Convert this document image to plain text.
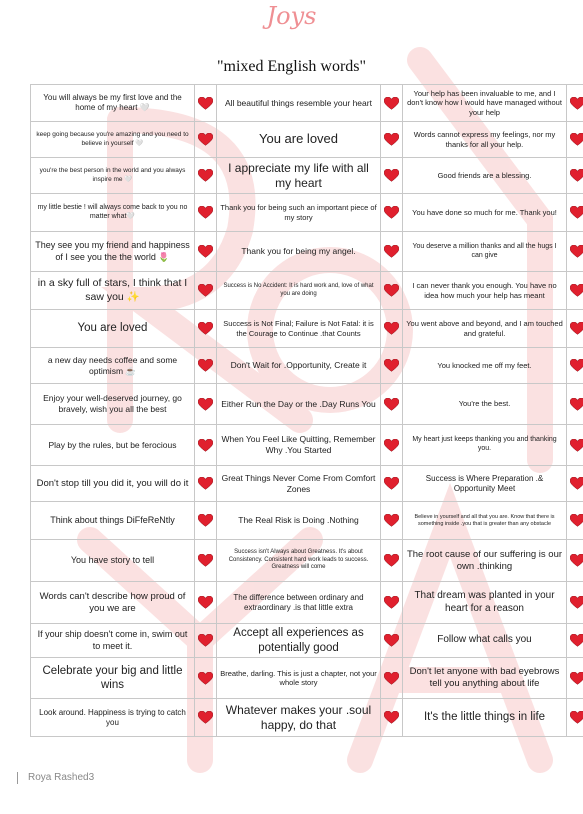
Joys
"mixed English words"
You will always be my first love and the home of my heart 🤍		All beautiful things resemble your heart		Your help has been invaluable to me, and I don't know how I would have managed without your help	

keep going because you're amazing and you need to believe in yourself 🤍		You are loved		Words cannot express my feelings, nor my thanks for all your help.	

you're the best person in the world and you always inspire me 🤍		I appreciate my life with all my heart		Good friends are a blessing.	

my little bestie ! will always come back to you no matter what🤍		Thank you for being such an important piece of my story		You have done so much for me. Thank you!	

They see you my friend and happiness of I see you the the world 🌷		Thank you for being my angel.		You deserve a million thanks and all the hugs I can give	

in a sky full of stars, I think that I saw you ✨		Success is No Accident: It is hard work and, love of what you are doing		I can never thank you enough. You have no idea how much your help has meant	

You are loved		Success is Not Final; Failure is Not Fatal: it is the Courage to Continue .that Counts		You went above and beyond, and I am touched and grateful.	

a new day needs coffee and some optimism ☕		Don't Wait for .Opportunity, Create it		You knocked me off my feet.	

Enjoy your well-deserved journey, go bravely, wish you all the best		Either Run the Day or the .Day Runs You		You're the best.	

Play by the rules, but be ferocious		When You Feel Like Quitting, Remember Why .You Started		My heart just keeps thanking you and thanking you.	

Don't stop till you did it, you will do it		Great Things Never Come From Comfort Zones		Success is Where Preparation .& Opportunity Meet	

Think about things DiFfeReNtly		The Real Risk is Doing .Nothing		Believe in yourself and all that you are. Know that there is something inside .you that is greater than any obstacle	

You have story to tell		Success isn't Always about Greatness. It's about Consistency. Consistent hard work leads to success. Greatness will come		The root cause of our suffering is our own .thinking	

Words can't describe how proud of you we are		The difference between ordinary and extraordinary .is that little extra		That dream was planted in your heart for a reason	

If your ship doesn't come in, swim out to meet it.		Accept all experiences as potentially good		Follow what calls you	

Celebrate your big and little wins		Breathe, darling. This is just a chapter, not your whole story		Don't let anyone with bad eyebrows tell you anything about life	

Look around. Happiness is trying to catch you		Whatever makes your .soul happy, do that		It's the little things in life	
Roya Rashed3
